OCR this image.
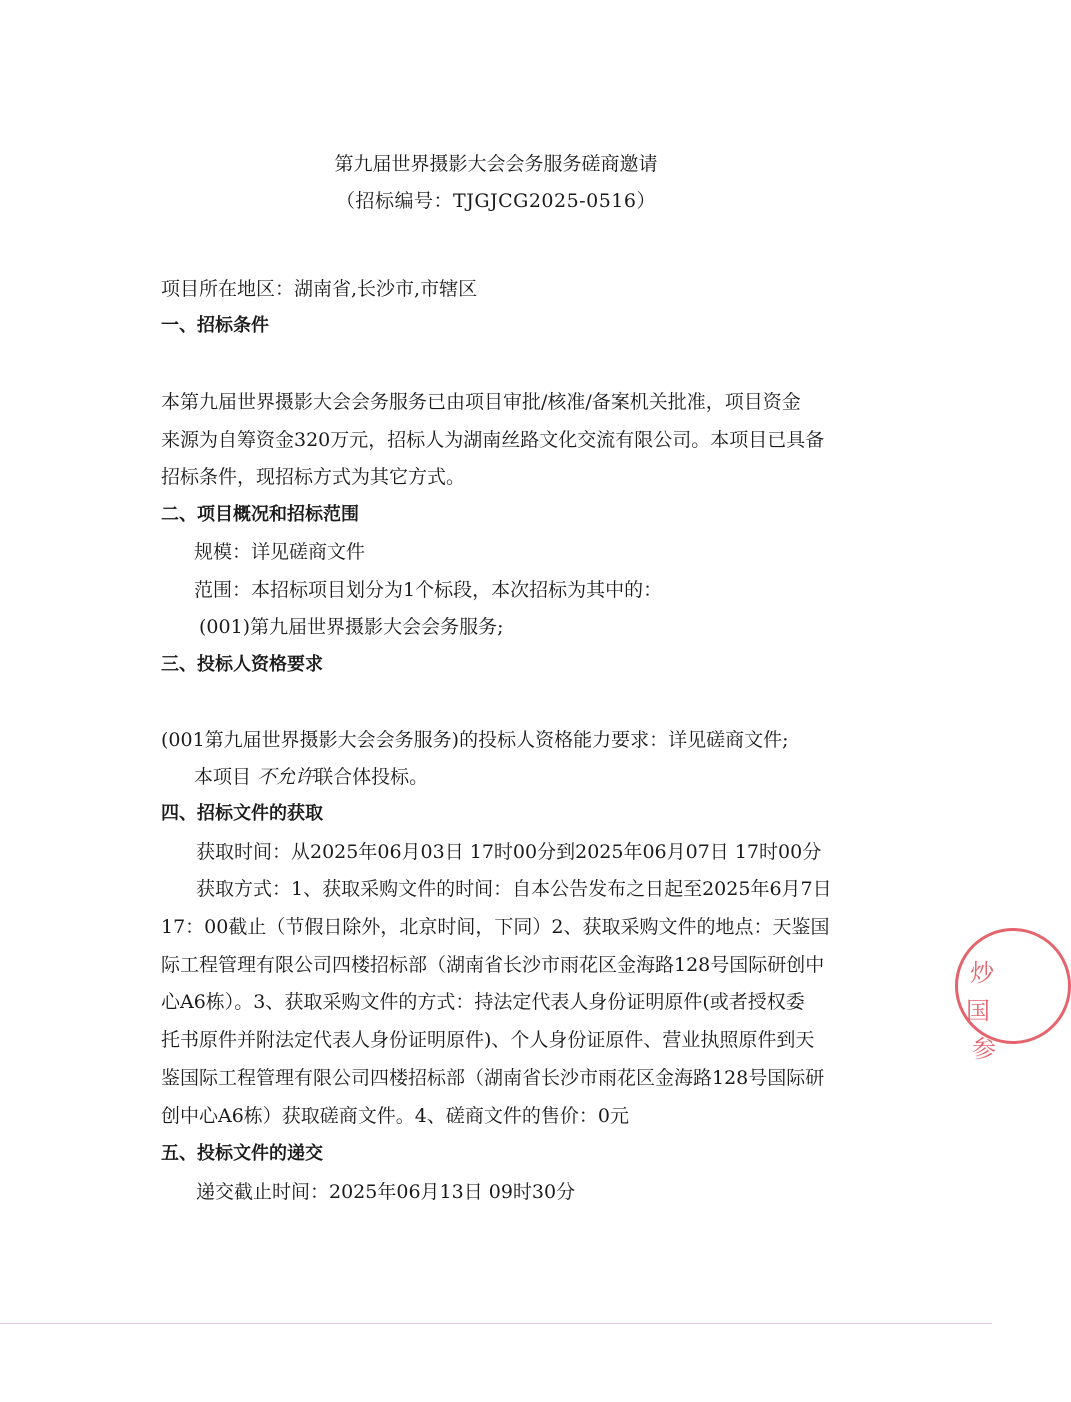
第九届世界摄影大会会务服务磋商邀请
（招标编号：TJGJCG2025-0516）
项目所在地区：湖南省,长沙市,市辖区
一、招标条件
本第九届世界摄影大会会务服务已由项目审批/核准/备案机关批准，项目资金
来源为自筹资金320万元，招标人为湖南丝路文化交流有限公司。本项目已具备
招标条件，现招标方式为其它方式。
二、项目概况和招标范围
规模：详见磋商文件
范围：本招标项目划分为1个标段，本次招标为其中的：
(001)第九届世界摄影大会会务服务;
三、投标人资格要求
(001第九届世界摄影大会会务服务)的投标人资格能力要求：详见磋商文件;
本项目 不允许联合体投标。
四、招标文件的获取
获取时间：从2025年06月03日 17时00分到2025年06月07日 17时00分
获取方式：1、获取采购文件的时间：自本公告发布之日起至2025年6月7日
17：00截止（节假日除外，北京时间，下同）2、获取采购文件的地点：天鉴国
际工程管理有限公司四楼招标部（湖南省长沙市雨花区金海路128号国际研创中
心A6栋）。3、获取采购文件的方式：持法定代表人身份证明原件(或者授权委
托书原件并附法定代表人身份证明原件)、个人身份证原件、营业执照原件到天
鉴国际工程管理有限公司四楼招标部（湖南省长沙市雨花区金海路128号国际研
创中心A6栋）获取磋商文件。4、磋商文件的售价：0元
五、投标文件的递交
递交截止时间：2025年06月13日 09时30分
炒
国
参
